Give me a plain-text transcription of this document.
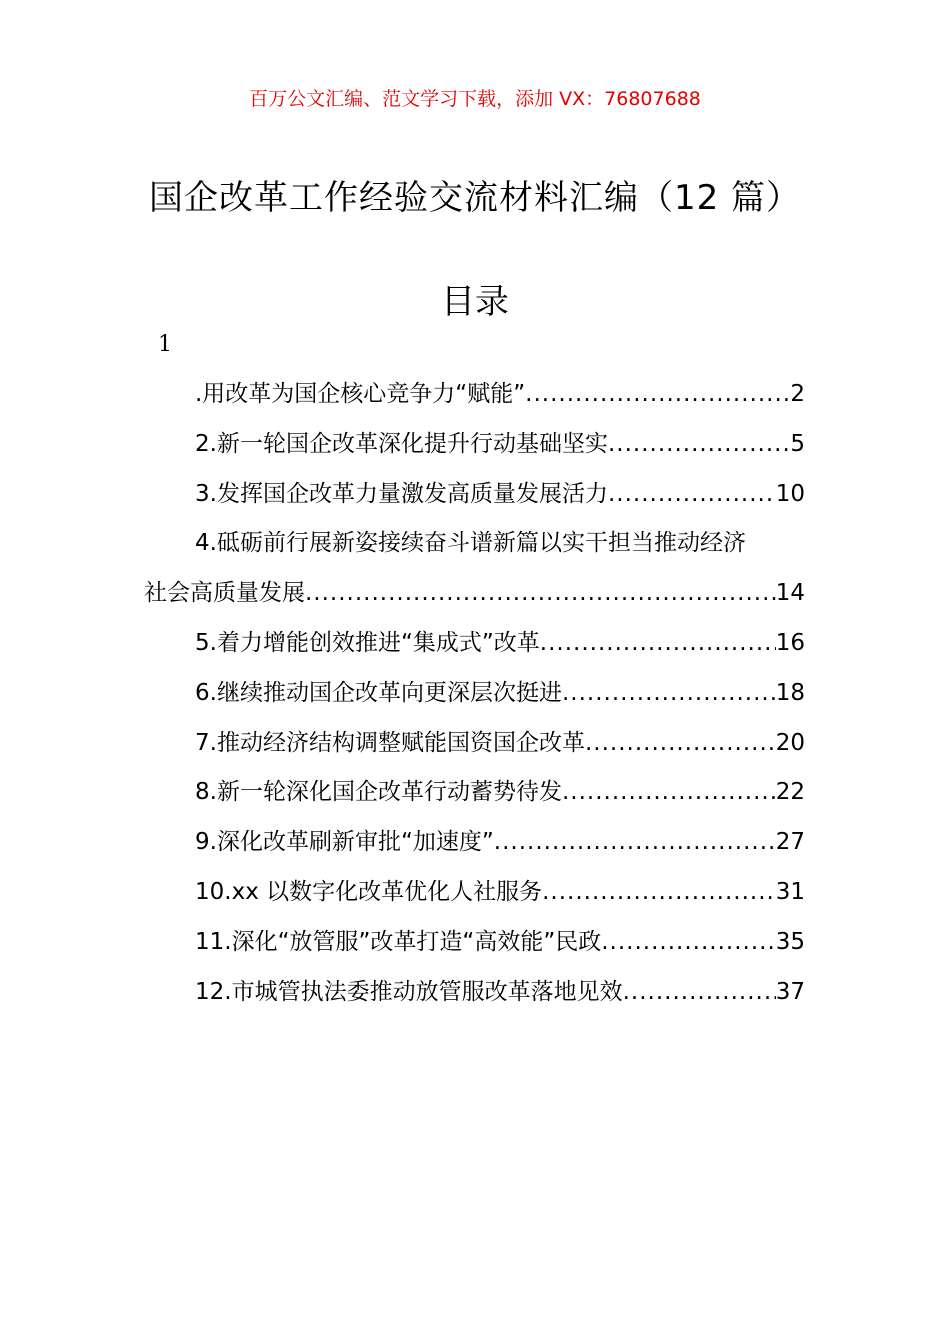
百万公文汇编、范文学习下载，添加 VX：76807688
国企改革工作经验交流材料汇编（12 篇）
目录
1
.用改革为国企核心竞争力“赋能” .....	2
2.新一轮国企改革深化提升行动基础坚实 .....	5
3.发挥国企改革力量激发高质量发展活力 .....	10
4.砥砺前行展新姿接续奋斗谱新篇以实干担当推动经济
社会高质量发展 .....	14
5.着力增能创效推进“集成式”改革 .....	16
6.继续推动国企改革向更深层次挺进 .....	18
7.推动经济结构调整赋能国资国企改革 .....	20
8.新一轮深化国企改革行动蓄势待发 .....	22
9.深化改革刷新审批“加速度” .....	27
10.xx 以数字化改革优化人社服务 .....	31
11.深化“放管服”改革打造“高效能”民政 .....	35
12.市城管执法委推动放管服改革落地见效 .....	37
